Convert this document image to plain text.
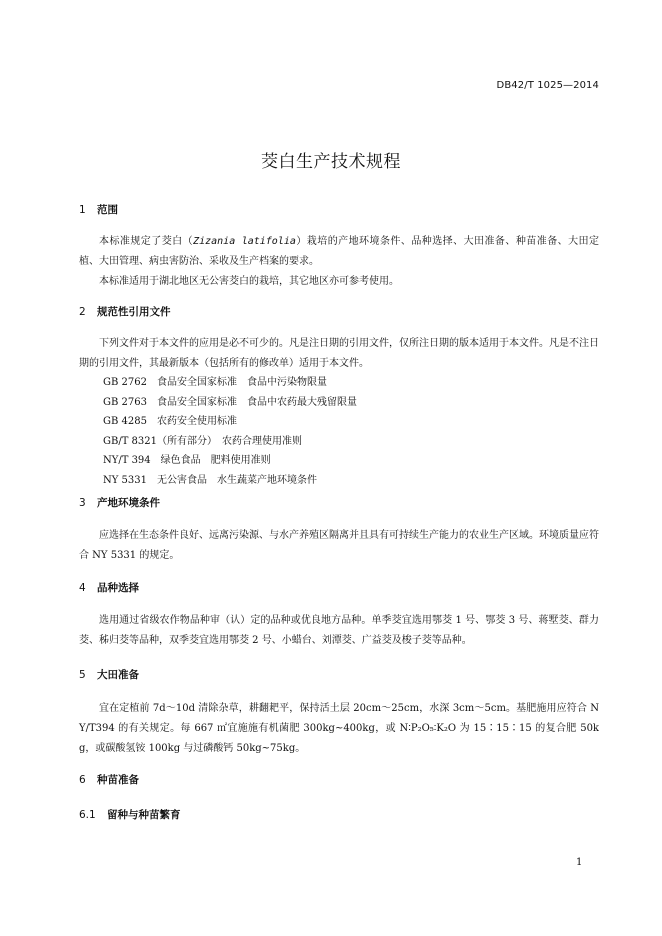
DB42/T 1025—2014
茭白生产技术规程
1 范围

本标准规定了茭白（Zizania latifolia）栽培的产地环境条件、品种选择、大田准备、种苗准备、大田定植、大田管理、病虫害防治、采收及生产档案的要求。

本标准适用于湖北地区无公害茭白的栽培，其它地区亦可参考使用。

2 规范性引用文件

下列文件对于本文件的应用是必不可少的。凡是注日期的引用文件，仅所注日期的版本适用于本文件。凡是不注日期的引用文件，其最新版本（包括所有的修改单）适用于本文件。

GB 2762　食品安全国家标准　食品中污染物限量
GB 2763　食品安全国家标准　食品中农药最大残留限量
GB 4285　农药安全使用标准
GB/T 8321（所有部分）　农药合理使用准则
NY/T 394　绿色食品　肥料使用准则
NY 5331　无公害食品　水生蔬菜产地环境条件
3 产地环境条件

应选择在生态条件良好、远离污染源、与水产养殖区隔离并且具有可持续生产能力的农业生产区域。环境质量应符合 NY 5331 的规定。

4 品种选择

选用通过省级农作物品种审（认）定的品种或优良地方品种。单季茭宜选用鄂茭 1 号、鄂茭 3 号、蒋墅茭、群力茭、秭归茭等品种，双季茭宜选用鄂茭 2 号、小蜡台、刘潭茭、广益茭及梭子茭等品种。

5 大田准备

宜在定植前 7d～10d 清除杂草，耕翻耙平，保持活土层 20cm～25cm，水深 3cm～5cm。基肥施用应符合 NY/T394 的有关规定。每 667 ㎡宜施施有机菌肥 300kg~400kg，或 N∶P₂O₅∶K₂O 为 15∶15∶15 的复合肥 50kg，或碳酸氢铵 100kg 与过磷酸钙 50kg~75kg。

6 种苗准备
6.1 留种与种苗繁育
1
